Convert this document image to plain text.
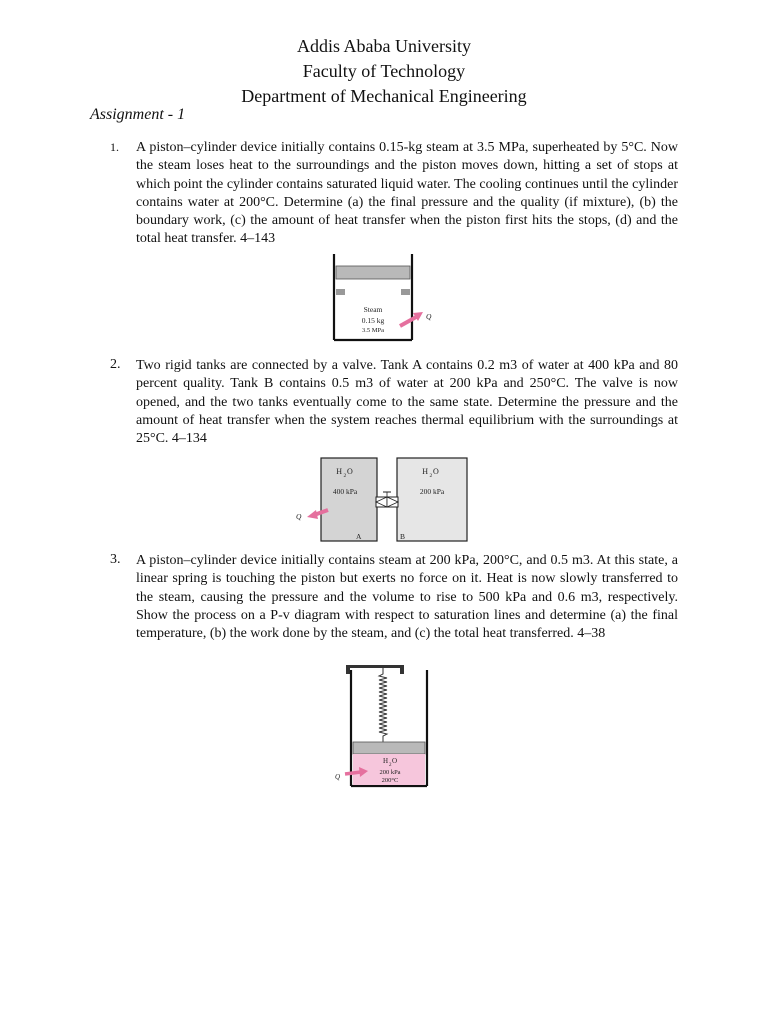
Addis Ababa University
Faculty of Technology
Department of Mechanical Engineering
Assignment - 1
1. A piston–cylinder device initially contains 0.15-kg steam at 3.5 MPa, superheated by 5°C. Now the steam loses heat to the surroundings and the piston moves down, hitting a set of stops at which point the cylinder contains saturated liquid water. The cooling continues until the cylinder contains water at 200°C. Determine (a) the final pressure and the quality (if mixture), (b) the boundary work, (c) the amount of heat transfer when the piston first hits the stops, (d) and the total heat transfer. 4–143
Steam
0.15 kg
3.5 MPa
Q
2. Two rigid tanks are connected by a valve. Tank A contains 0.2 m3 of water at 400 kPa and 80 percent quality. Tank B contains 0.5 m3 of water at 200 kPa and 250°C. The valve is now opened, and the two tanks eventually come to the same state. Determine the pressure and the amount of heat transfer when the system reaches thermal equilibrium with the surroundings at 25°C. 4–134
H 2 O
400 kPa
A
H 2 O
200 kPa
B
Q
3. A piston–cylinder device initially contains steam at 200 kPa, 200°C, and 0.5 m3. At this state, a linear spring is touching the piston but exerts no force on it. Heat is now slowly transferred to the steam, causing the pressure and the volume to rise to 500 kPa and 0.6 m3, respectively. Show the process on a P-v diagram with respect to saturation lines and determine (a) the final temperature, (b) the work done by the steam, and (c) the total heat transferred. 4–38
H
2
O
200 kPa
200°C
Q
